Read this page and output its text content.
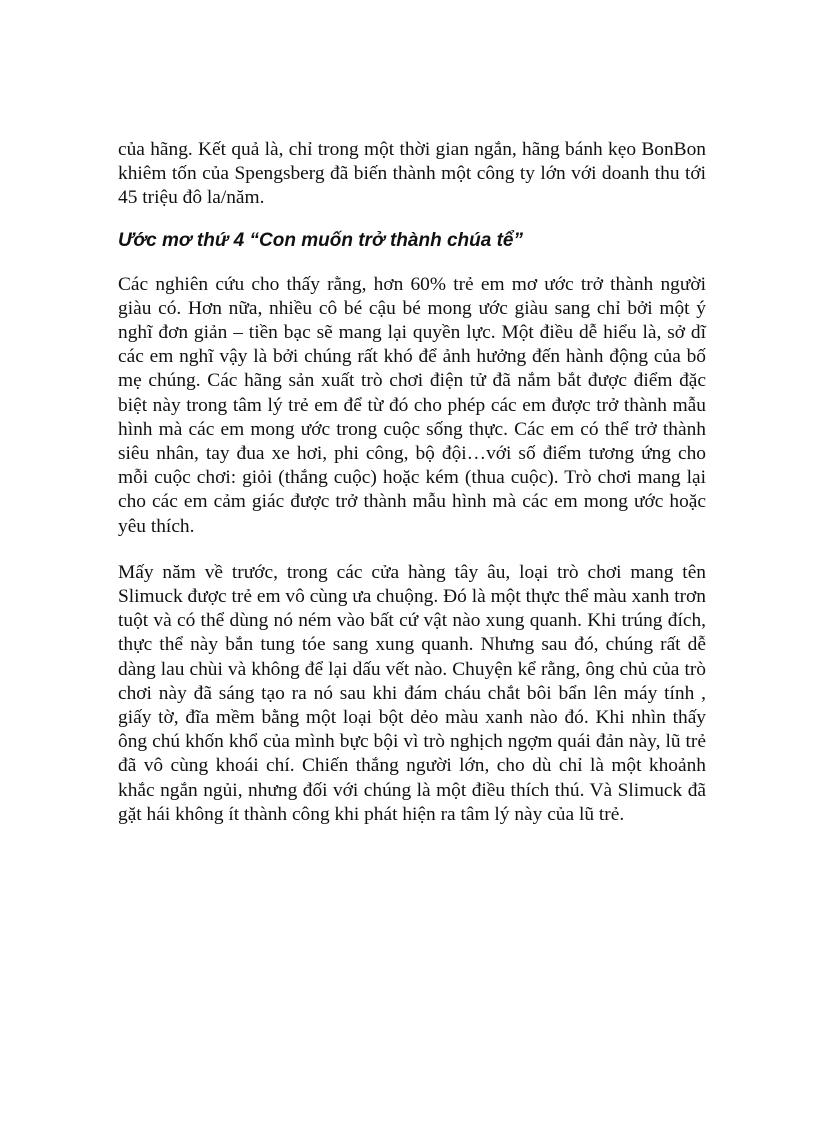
của hãng. Kết quả là, chỉ trong một thời gian ngắn, hãng bánh kẹo BonBon khiêm tốn của Spengsberg đã biến thành một công ty lớn với doanh thu tới 45 triệu đô la/năm.

Ước mơ thứ 4 “Con muốn trở thành chúa tể”

Các nghiên cứu cho thấy rằng, hơn 60% trẻ em mơ ước trở thành người giàu có. Hơn nữa, nhiều cô bé cậu bé mong ước giàu sang chỉ bởi một ý nghĩ đơn giản – tiền bạc sẽ mang lại quyền lực. Một điều dễ hiểu là, sở dĩ các em nghĩ vậy là bởi chúng rất khó để ảnh hưởng đến hành động của bố mẹ chúng. Các hãng sản xuất trò chơi điện tử đã nắm bắt được điểm đặc biệt này trong tâm lý trẻ em để từ đó cho phép các em được trở thành mẫu hình mà các em mong ước trong cuộc sống thực. Các em có thể trở thành siêu nhân, tay đua xe hơi, phi công, bộ đội…với số điểm tương ứng cho mỗi cuộc chơi: giỏi (thắng cuộc) hoặc kém (thua cuộc). Trò chơi mang lại cho các em cảm giác được trở thành mẫu hình mà các em mong ước hoặc yêu thích.

Mấy năm về trước, trong các cửa hàng tây âu, loại trò chơi mang tên Slimuck được trẻ em vô cùng ưa chuộng. Đó là một thực thể màu xanh trơn tuột và có thể dùng nó ném vào bất cứ vật nào xung quanh. Khi trúng đích, thực thể này bắn tung tóe sang xung quanh. Nhưng sau đó, chúng rất dễ dàng lau chùi và không để lại dấu vết nào. Chuyện kể rằng, ông chủ của trò chơi này đã sáng tạo ra nó sau khi đám cháu chắt bôi bẩn lên máy tính , giấy tờ, đĩa mềm bằng một loại bột dẻo màu xanh nào đó. Khi nhìn thấy ông chú khốn khổ của mình bực bội vì trò nghịch ngợm quái đản này, lũ trẻ đã vô cùng khoái chí. Chiến thắng người lớn, cho dù chỉ là một khoảnh khắc ngắn ngủi, nhưng đối với chúng là một điều thích thú. Và Slimuck đã gặt hái không ít thành công khi phát hiện ra tâm lý này của lũ trẻ.
